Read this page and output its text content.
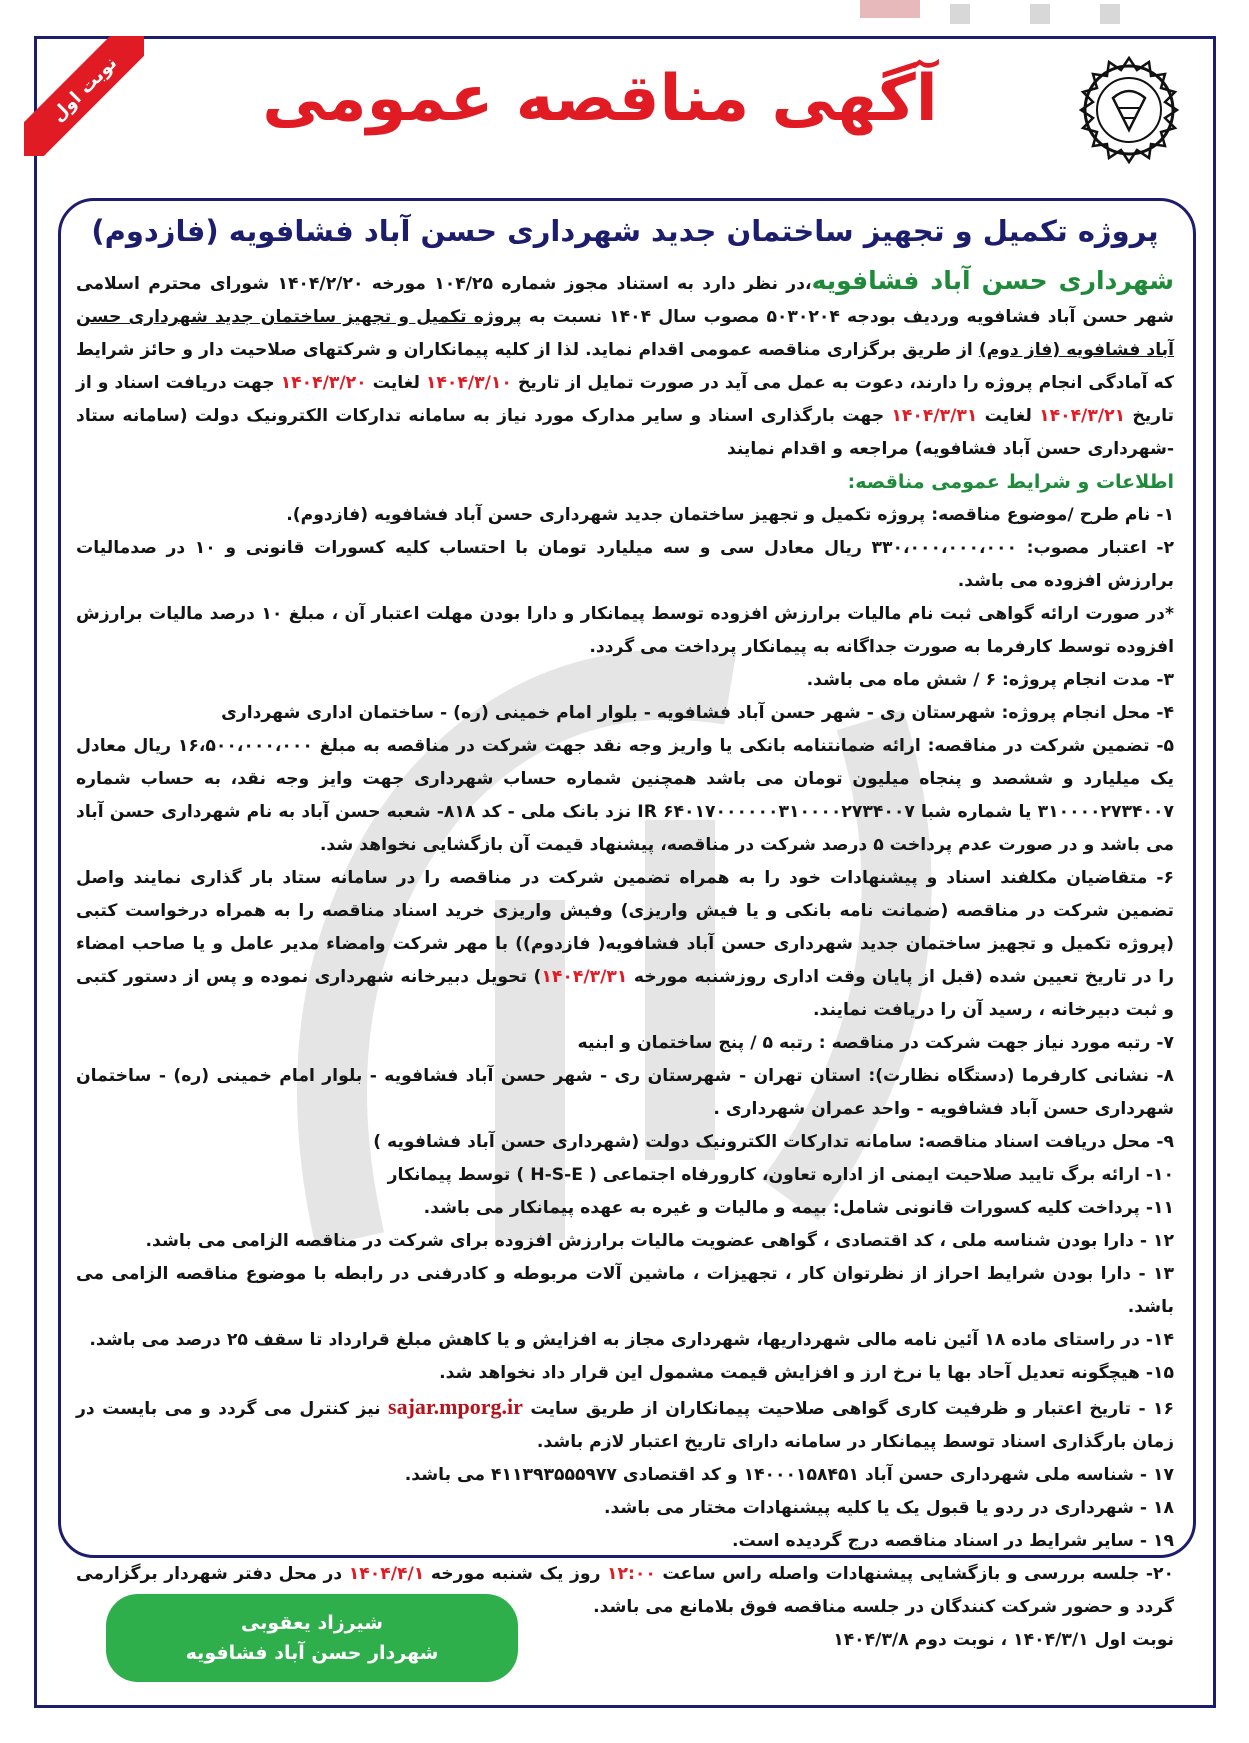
نوبت اول	آگهی مناقصه عمومی
پروژه تکمیل و تجهیز ساختمان جدید شهرداری حسن آباد فشافویه (فازدوم)

شهرداری حسن آباد فشافویه،در نظر دارد به استناد مجوز شماره ۱۰۴/۲۵ مورخه ۱۴۰۴/۲/۲۰ شورای محترم اسلامی شهر حسن آباد فشافویه وردیف بودجه ۵۰۳۰۲۰۴ مصوب سال ۱۴۰۴ نسبت به پروژه تکمیل و تجهیز ساختمان جدید شهرداری حسن آباد فشافویه (فاز دوم) از طریق برگزاری مناقصه عمومی اقدام نماید. لذا از کلیه پیمانکاران و شرکتهای صلاحیت دار و حائز شرایط که آمادگی انجام پروژه را دارند، دعوت به عمل می آید در صورت تمایل از تاریخ ۱۴۰۴/۳/۱۰ لغایت ۱۴۰۴/۳/۲۰ جهت دریافت اسناد و از تاریخ ۱۴۰۴/۳/۲۱ لغایت ۱۴۰۴/۳/۳۱ جهت بارگذاری اسناد و سایر مدارک مورد نیاز به سامانه تدارکات الکترونیک دولت (سامانه ستاد -شهرداری حسن آباد فشافویه) مراجعه و اقدام نمایند

اطلاعات و شرایط عمومی مناقصه:

۱- نام طرح /موضوع مناقصه: پروژه تکمیل و تجهیز ساختمان جدید شهرداری حسن آباد فشافویه (فازدوم).

۲- اعتبار مصوب: ۳۳۰،۰۰۰،۰۰۰،۰۰۰ ریال معادل سی و سه میلیارد تومان با احتساب کلیه کسورات قانونی و ۱۰ در صدمالیات برارزش افزوده می باشد.

*در صورت ارائه گواهی ثبت نام مالیات برارزش افزوده توسط پیمانکار و دارا بودن مهلت اعتبار آن ، مبلغ ۱۰ درصد مالیات برارزش افزوده توسط کارفرما به صورت جداگانه به پیمانکار پرداخت می گردد.

۳- مدت انجام پروژه: ۶ / شش ماه می باشد.

۴- محل انجام پروژه: شهرستان ری - شهر حسن آباد فشافویه - بلوار امام خمینی (ره) - ساختمان اداری شهرداری

۵- تضمین شرکت در مناقصه: ارائه ضمانتنامه بانکی یا واریز وجه نقد جهت شرکت در مناقصه به مبلغ ۱۶،۵۰۰،۰۰۰،۰۰۰ ریال معادل یک میلیارد و ششصد و پنجاه میلیون تومان می باشد همچنین شماره حساب شهرداری جهت وایز وجه نقد، به حساب شماره ۳۱۰۰۰۰۲۷۳۴۰۰۷ یا شماره شبا IR ۶۴۰۱۷۰۰۰۰۰۰۳۱۰۰۰۰۲۷۳۴۰۰۷ نزد بانک ملی - کد ۸۱۸- شعبه حسن آباد به نام شهرداری حسن آباد می باشد و در صورت عدم پرداخت ۵ درصد شرکت در مناقصه، پیشنهاد قیمت آن بازگشایی نخواهد شد.

۶- متقاضیان مکلفند اسناد و پیشنهادات خود را به همراه تضمین شرکت در مناقصه را در سامانه ستاد بار گذاری نمایند واصل تضمین شرکت در مناقصه (ضمانت نامه بانکی و یا فیش واریزی) وفیش واریزی خرید اسناد مناقصه را به همراه درخواست کتبی (پروژه تکمیل و تجهیز ساختمان جدید شهرداری حسن آباد فشافویه( فازدوم)) با مهر شرکت وامضاء مدیر عامل و یا صاحب امضاء را در تاریخ تعیین شده (قبل از پایان وقت اداری روزشنبه مورخه ۱۴۰۴/۳/۳۱) تحویل دبیرخانه شهرداری نموده و پس از دستور کتبی و ثبت دبیرخانه ، رسید آن را دریافت نمایند.

۷- رتبه مورد نیاز جهت شرکت در مناقصه : رتبه ۵ / پنج ساختمان و ابنیه

۸- نشانی کارفرما (دستگاه نظارت): استان تهران - شهرستان ری - شهر حسن آباد فشافویه - بلوار امام خمینی (ره) - ساختمان شهرداری حسن آباد فشافویه - واحد عمران شهرداری .

۹- محل دریافت اسناد مناقصه: سامانه تدارکات الکترونیک دولت (شهرداری حسن آباد فشافویه )

۱۰- ارائه برگ تایید صلاحیت ایمنی از اداره تعاون، کارورفاه اجتماعی ( H-S-E ) توسط پیمانکار

۱۱- پرداخت کلیه کسورات قانونی شامل: بیمه و مالیات و غیره به عهده پیمانکار می باشد.

۱۲ - دارا بودن شناسه ملی ، کد اقتصادی ، گواهی عضویت مالیات برارزش افزوده برای شرکت در مناقصه الزامی می باشد.

۱۳ - دارا بودن شرایط احراز از نظرتوان کار ، تجهیزات ، ماشین آلات مربوطه و کادرفنی در رابطه با موضوع مناقصه الزامی می باشد.

۱۴- در راستای ماده ۱۸ آئین نامه مالی شهرداریها، شهرداری مجاز به افزایش و یا کاهش مبلغ قرارداد تا سقف ۲۵ درصد می باشد.

۱۵- هیچگونه تعدیل آحاد بها یا نرخ ارز و افزایش قیمت مشمول این قرار داد نخواهد شد.

۱۶ - تاریخ اعتبار و ظرفیت کاری گواهی صلاحیت پیمانکاران از طریق سایت sajar.mporg.ir نیز کنترل می گردد و می بایست در زمان بارگذاری اسناد توسط پیمانکار در سامانه دارای تاریخ اعتبار لازم باشد.

۱۷ - شناسه ملی شهرداری حسن آباد ۱۴۰۰۰۱۵۸۴۵۱ و کد اقتصادی ۴۱۱۳۹۳۵۵۵۹۷۷ می باشد.

۱۸ - شهرداری در ردو یا قبول یک یا کلیه پیشنهادات مختار می باشد.

۱۹ - سایر شرایط در اسناد مناقصه درج گردیده است.

۲۰- جلسه بررسی و بازگشایی پیشنهادات واصله راس ساعت ۱۲:۰۰ روز یک شنبه مورخه ۱۴۰۴/۴/۱ در محل دفتر شهردار برگزارمی گردد و حضور شرکت کنندگان در جلسه مناقصه فوق بلامانع می باشد.

نوبت اول ۱۴۰۴/۳/۱ ، نوبت دوم ۱۴۰۴/۳/۸

شیرزاد یعقوبی
شهردار حسن آباد فشافویه
